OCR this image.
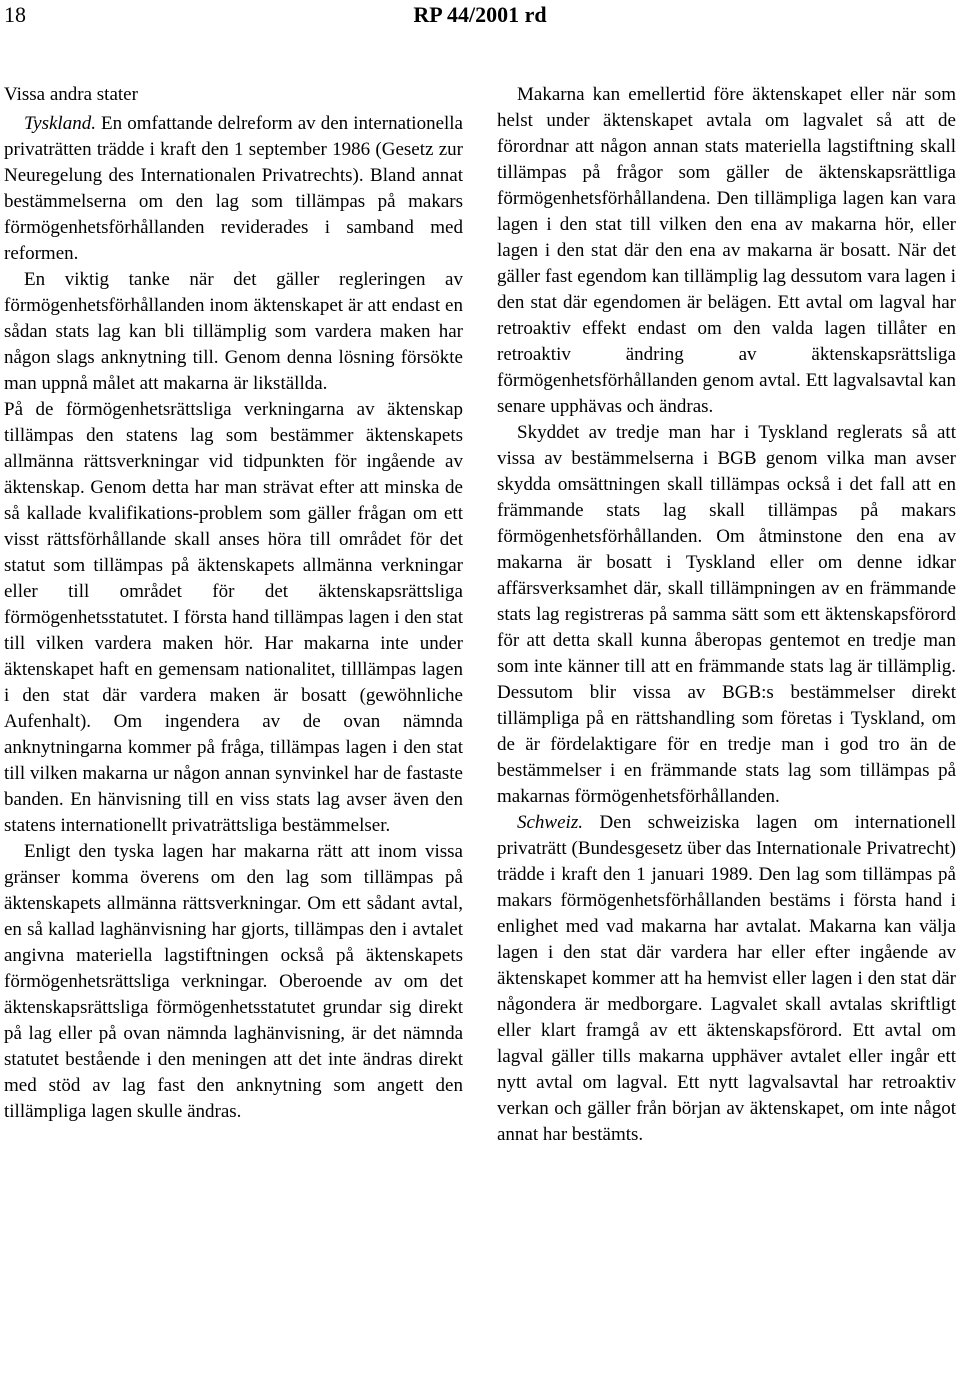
18	RP 44/2001 rd

Vissa andra stater

Tyskland. En omfattande delreform av den internationella privaträtten trädde i kraft den 1 september 1986 (Gesetz zur Neuregelung des Internationalen Privatrechts). Bland annat bestämmelserna om den lag som tillämpas på makars förmögenhetsförhållanden reviderades i samband med reformen.

En viktig tanke när det gäller regleringen av förmögenhetsförhållanden inom äktenskapet är att endast en sådan stats lag kan bli tillämplig som vardera maken har någon slags anknytning till. Genom denna lösning försökte man uppnå målet att makarna är likställda.

På de förmögenhetsrättsliga verkningarna av äktenskap tillämpas den statens lag som bestämmer äktenskapets allmänna rättsverkningar vid tidpunkten för ingående av äktenskap. Genom detta har man strävat efter att minska de så kallade kvalifikations-problem som gäller frågan om ett visst rättsförhållande skall anses höra till området för det statut som tillämpas på äktenskapets allmänna verkningar eller till området för det äktenskapsrättsliga förmögenhetsstatutet. I första hand tillämpas lagen i den stat till vilken vardera maken hör. Har makarna inte under äktenskapet haft en gemensam nationalitet, tilllämpas lagen i den stat där vardera maken är bosatt (gewöhnliche Aufenhalt). Om ingendera av de ovan nämnda anknytningarna kommer på fråga, tillämpas lagen i den stat till vilken makarna ur någon annan synvinkel har de fastaste banden. En hänvisning till en viss stats lag avser även den statens internationellt privaträttsliga bestämmelser.

Enligt den tyska lagen har makarna rätt att inom vissa gränser komma överens om den lag som tillämpas på äktenskapets allmänna rättsverkningar. Om ett sådant avtal, en så kallad laghänvisning har gjorts, tillämpas den i avtalet angivna materiella lagstiftningen också på äktenskapets förmögenhetsrättsliga verkningar. Oberoende av om det äktenskapsrättsliga förmögenhetsstatutet grundar sig direkt på lag eller på ovan nämnda laghänvisning, är det nämnda statutet bestående i den meningen att det inte ändras direkt med stöd av lag fast den anknytning som angett den tillämpliga lagen skulle ändras.

Makarna kan emellertid före äktenskapet eller när som helst under äktenskapet avtala om lagvalet så att de förordnar att någon annan stats materiella lagstiftning skall tillämpas på frågor som gäller de äktenskapsrättliga förmögenhetsförhållandena. Den tillämpliga lagen kan vara lagen i den stat till vilken den ena av makarna hör, eller lagen i den stat där den ena av makarna är bosatt. När det gäller fast egendom kan tillämplig lag dessutom vara lagen i den stat där egendomen är belägen. Ett avtal om lagval har retroaktiv effekt endast om den valda lagen tillåter en retroaktiv ändring av äktenskapsrättsliga förmögenhetsförhållanden genom avtal. Ett lagvalsavtal kan senare upphävas och ändras.

Skyddet av tredje man har i Tyskland reglerats så att vissa av bestämmelserna i BGB genom vilka man avser skydda omsättningen skall tillämpas också i det fall att en främmande stats lag skall tillämpas på makars förmögenhetsförhållanden. Om åtminstone den ena av makarna är bosatt i Tyskland eller om denne idkar affärsverksamhet där, skall tillämpningen av en främmande stats lag registreras på samma sätt som ett äktenskapsförord för att detta skall kunna åberopas gentemot en tredje man som inte känner till att en främmande stats lag är tillämplig. Dessutom blir vissa av BGB:s bestämmelser direkt tillämpliga på en rättshandling som företas i Tyskland, om de är fördelaktigare för en tredje man i god tro än de bestämmelser i en främmande stats lag som tillämpas på makarnas förmögenhetsförhållanden.

Schweiz. Den schweiziska lagen om internationell privaträtt (Bundesgesetz über das Internationale Privatrecht) trädde i kraft den 1 januari 1989. Den lag som tillämpas på makars förmögenhetsförhållanden bestäms i första hand i enlighet med vad makarna har avtalat. Makarna kan välja lagen i den stat där vardera har eller efter ingående av äktenskapet kommer att ha hemvist eller lagen i den stat där någondera är medborgare. Lagvalet skall avtalas skriftligt eller klart framgå av ett äktenskapsförord. Ett avtal om lagval gäller tills makarna upphäver avtalet eller ingår ett nytt avtal om lagval. Ett nytt lagvalsavtal har retroaktiv verkan och gäller från början av äktenskapet, om inte något annat har bestämts.
